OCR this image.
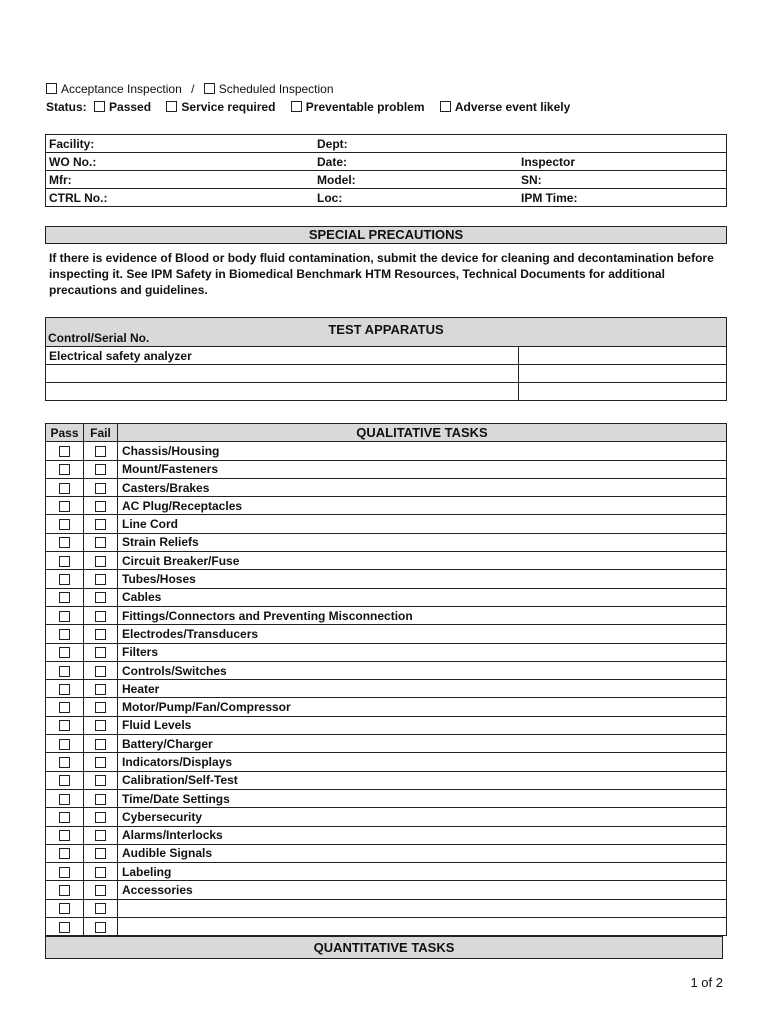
Acceptance Inspection / Scheduled Inspection
Status: Passed	Service required	Preventable problem	Adverse event likely
Facility:	Dept:	
WO No.:	Date:	Inspector
Mfr:	Model:	SN:
CTRL No.:	Loc:	IPM Time:
SPECIAL PRECAUTIONS
If there is evidence of Blood or body fluid contamination, submit the device for cleaning and decontamination before inspecting it. See IPM Safety in Biomedical Benchmark HTM Resources, Technical Documents for additional precautions and guidelines.
TEST APPARATUS
Control/Serial No.	

Electrical safety analyzer	

Pass	Fail	QUALITATIVE TASKS
		Chassis/Housing
		Mount/Fasteners
		Casters/Brakes
		AC Plug/Receptacles
		Line Cord
		Strain Reliefs
		Circuit Breaker/Fuse
		Tubes/Hoses
		Cables
		Fittings/Connectors and Preventing Misconnection
		Electrodes/Transducers
		Filters
		Controls/Switches
		Heater
		Motor/Pump/Fan/Compressor
		Fluid Levels
		Battery/Charger
		Indicators/Displays
		Calibration/Self-Test
		Time/Date Settings
		Cybersecurity
		Alarms/Interlocks
		Audible Signals
		Labeling
		Accessories

QUANTITATIVE TASKS
1 of 2
